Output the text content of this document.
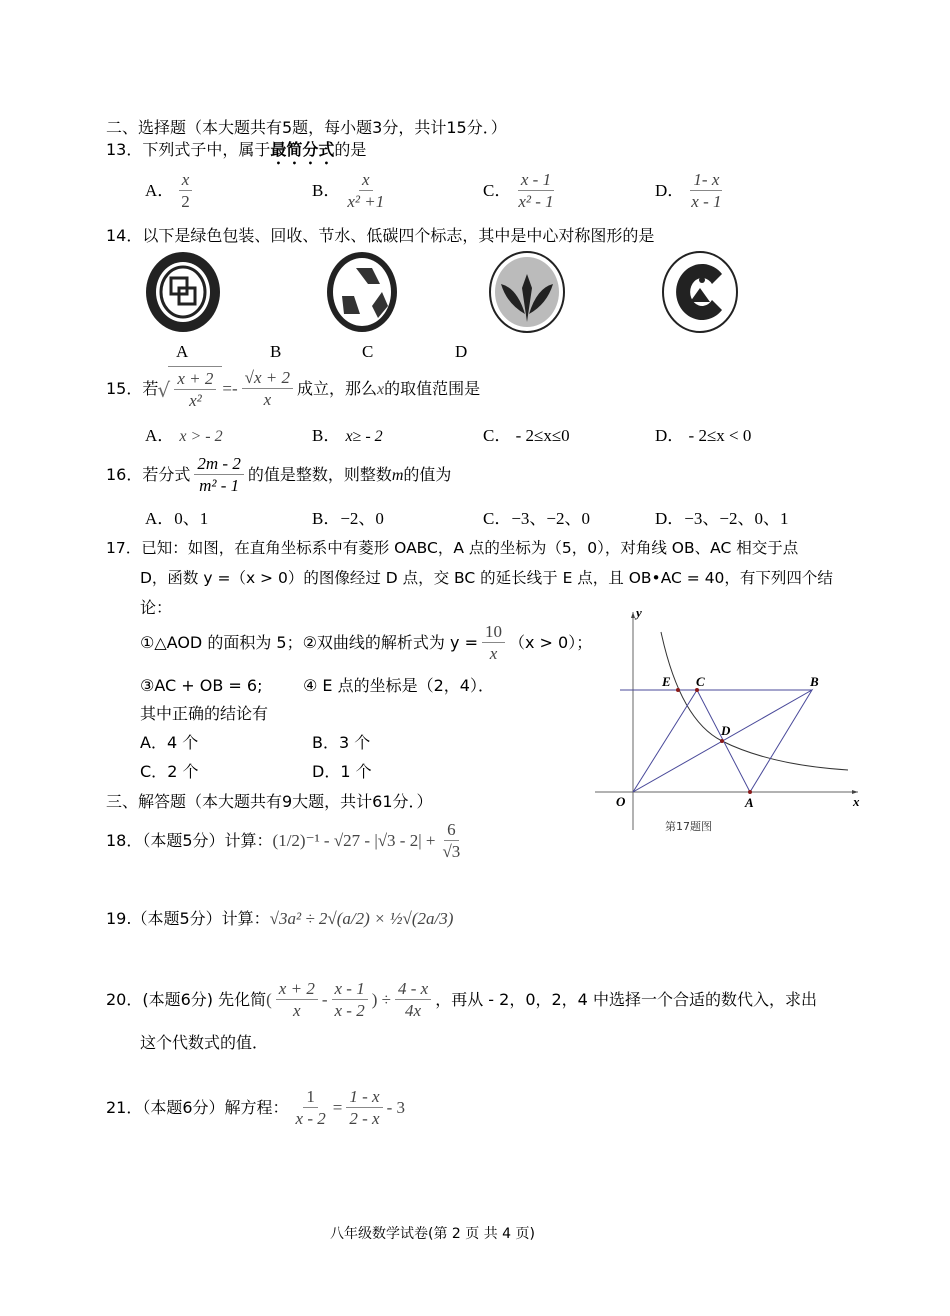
二、选择题（本大题共有5题，每小题3分，共计15分．）
13．下列式子中，属于最简分式的是
A． $\frac{x}{2}$	B． $\frac{x}{\text{x² +1}}$	C． $\frac{x - 1}{\text{x² - 1}}$	D． $\frac{1- x}{x - 1}$
14．以下是绿色包装、回收、节水、低碳四个标志，其中是中心对称图形的是
A	B	C	D
15．若 √ $\frac{x + 2}{\text{x²}} =- \frac{√x + 2}{x}$ 成立，那么x的取值范围是
A． x > - 2	B． x≥ - 2	C． - 2≤x≤0	D． - 2≤x < 0
16．若分式 $\frac{2m - 2}{\text{m² - 1}}$ 的值是整数，则整数m的值为
A．0、1	B．−2、0	C．−3、−2、0	D．−3、−2、0、1
17．已知：如图，在直角坐标系中有菱形 OABC，A 点的坐标为（5，0），对角线 OB、AC 相交于点
D，函数 y =（x > 0）的图像经过 D 点，交 BC 的延长线于 E 点，且 OB•AC = 40，有下列四个结
论：
①△AOD 的面积为 5；②双曲线的解析式为 $y = \frac{10}{x} (x > 0)$；
③AC + OB = 6;	④ E 点的坐标是（2，4）．
其中正确的结论有
A．4 个	B．3 个
C．2 个	D．1 个
O	A
B
C
D
E
x
y
第17题图
三、解答题（本大题共有9大题，共计61分．）
18．（本题5分）计算：$(1/2)^{-1} - √27 - |√3 - 2| + \frac{6}{√3}$
19.（本题5分）计算：√3a² ÷ 2√(a/2) × ½√(2a/3)
20．(本题6分) 先化简( $\frac{x + 2}{x} - \frac{x - 1}{x - 2}$ ) ÷ $\frac{4 - x}{4x}$ ，再从 - 2，0，2，4 中选择一个合适的数代入，求出
这个代数式的值．
21．（本题6分）解方程： $\frac{1}{x - 2} = \frac{1 - x}{2 - x} - 3$
八年级数学试卷(第 2 页 共 4 页)
